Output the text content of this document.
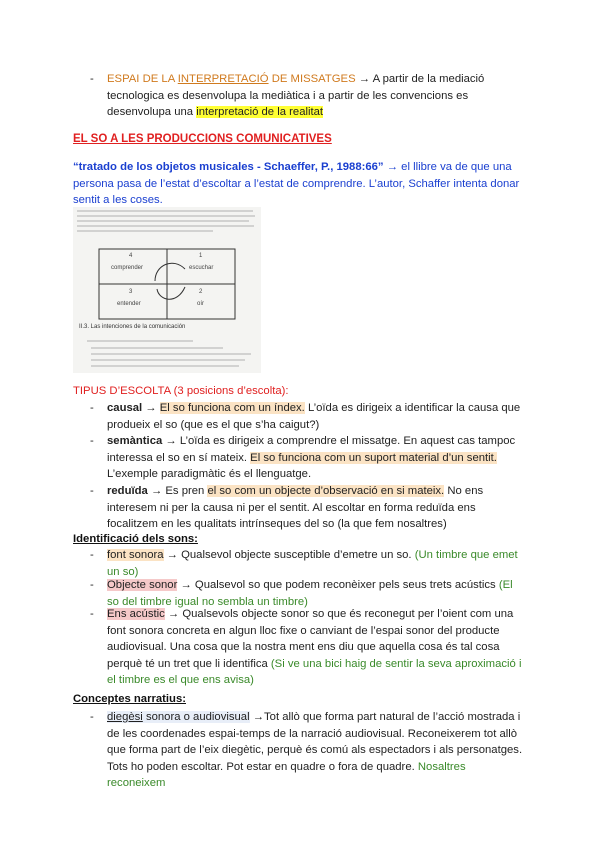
-	ESPAI DE LA INTERPRETACIÓ DE MISSATGES → A partir de la mediació tecnologica es desenvolupa la mediàtica i a partir de les convencions es desenvolupa una interpretació de la realitat
EL SO A LES PRODUCCIONS COMUNICATIVES
“tratado de los objetos musicales - Schaeffer, P., 1988:66” → el llibre va de que una persona pasa de l’estat d’escoltar a l’estat de comprendre. L’autor, Schaffer intenta donar sentit a les coses.
4	1
3	2
comprender	escuchar
entender	oír
II.3. Las intenciones de la comunicación
TIPUS D’ESCOLTA (3 posicions d’escolta):
-	causal → El so funciona com un índex. L’oïda es dirigeix a identificar la causa que produeix el so (que es el que s’ha caigut?)
-	semàntica → L’oïda es dirigeix a comprendre el missatge. En aquest cas tampoc interessa el so en sí mateix. El so funciona com un suport material d’un sentit. L’exemple paradigmàtic és el llenguatge.
-	reduïda → Es pren el so com un objecte d’observació en si mateix. No ens interesem ni per la causa ni per el sentit. Al escoltar en forma reduïda ens focalitzem en les qualitats intrínseques del so (la que fem nosaltres)
Identificació dels sons:
-	font sonora → Qualsevol objecte susceptible d’emetre un so. (Un timbre que emet un so)
-	Objecte sonor → Qualsevol so que podem reconèixer pels seus trets acústics (El so del timbre igual no sembla un timbre)
-	Ens acústic → Qualsevols objecte sonor so que és reconegut per l’oient com una font sonora concreta en algun lloc fixe o canviant de l’espai sonor del producte audiovisual. Una cosa que la nostra ment ens diu que aquella cosa és tal cosa perquè té un tret que li identifica (Si ve una bici haig de sentir la seva aproximació i el timbre es el que ens avisa)
Conceptes narratius:
-	diegèsi sonora o audiovisual →Tot allò que forma part natural de l’acció mostrada i de les coordenades espai-temps de la narració audiovisual. Reconeixerem tot allò que forma part de l’eix diegètic, perquè és comú als espectadors i als personatges. Tots ho poden escoltar. Pot estar en quadre o fora de quadre. Nosaltres reconeixem
